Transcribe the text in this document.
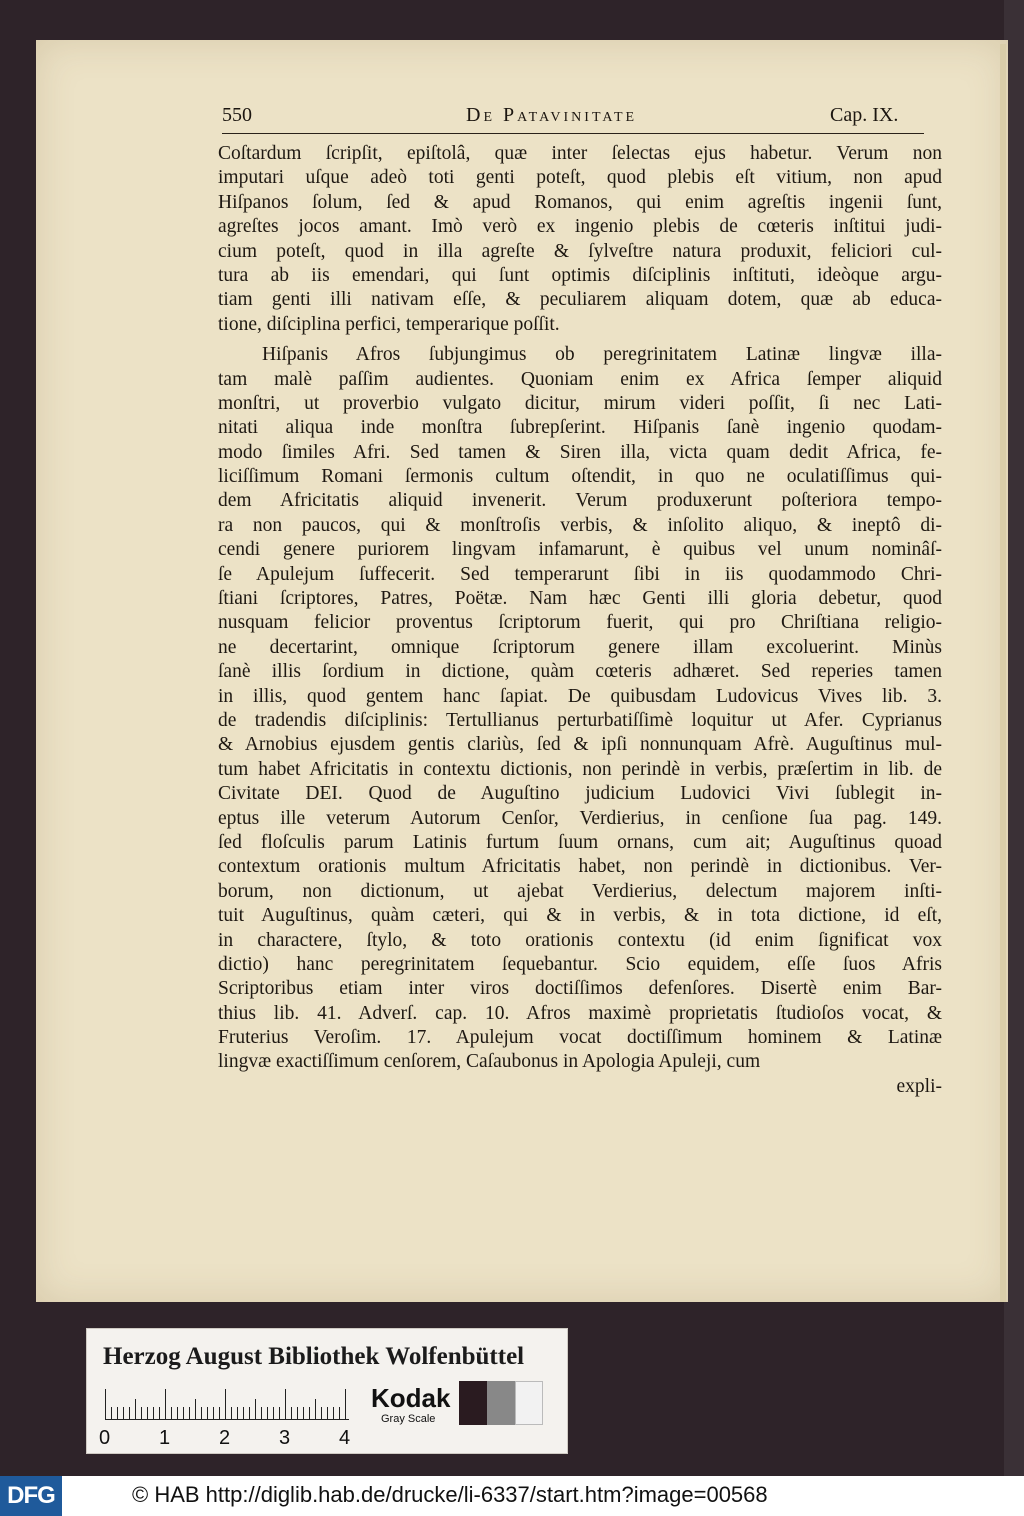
550	De Patavinitate	Cap. IX.
Coſtardum ſcripſit, epiſtolâ, quæ inter ſelectas ejus habetur. Verum non
imputari uſque adeò toti genti poteſt, quod plebis eſt vitium, non apud
Hiſpanos ſolum, ſed & apud Romanos, qui enim agreſtis ingenii ſunt,
agreſtes jocos amant. Imò verò ex ingenio plebis de cœteris inſtitui judi-
cium poteſt, quod in illa agreſte & ſylveſtre natura produxit, feliciori cul-
tura ab iis emendari, qui ſunt optimis diſciplinis inſtituti, ideòque argu-
tiam genti illi nativam eſſe, & peculiarem aliquam dotem, quæ ab educa-
tione, diſciplina perfici, temperarique poſſit.
Hiſpanis Afros ſubjungimus ob peregrinitatem Latinæ lingvæ illa-
tam malè paſſim audientes. Quoniam enim ex Africa ſemper aliquid
monſtri, ut proverbio vulgato dicitur, mirum videri poſſit, ſi nec Lati-
nitati aliqua inde monſtra ſubrepſerint. Hiſpanis ſanè ingenio quodam-
modo ſimiles Afri. Sed tamen & Siren illa, victa quam dedit Africa, fe-
liciſſimum Romani ſermonis cultum oſtendit, in quo ne oculatiſſimus qui-
dem Africitatis aliquid invenerit. Verum produxerunt poſteriora tempo-
ra non paucos, qui & monſtroſis verbis, & inſolito aliquo, & ineptô di-
cendi genere puriorem lingvam infamarunt, è quibus vel unum nominâſ-
ſe Apulejum ſuffecerit. Sed temperarunt ſibi in iis quodammodo Chri-
ſtiani ſcriptores, Patres, Poëtæ. Nam hæc Genti illi gloria debetur, quod
nusquam felicior proventus ſcriptorum fuerit, qui pro Chriſtiana religio-
ne decertarint, omnique ſcriptorum genere illam excoluerint. Minùs
ſanè illis ſordium in dictione, quàm cœteris adhæret. Sed reperies tamen
in illis, quod gentem hanc ſapiat. De quibusdam Ludovicus Vives lib. 3.
de tradendis diſciplinis: Tertullianus perturbatiſſimè loquitur ut Afer. Cyprianus
& Arnobius ejusdem gentis clariùs, ſed & ipſi nonnunquam Afrè. Auguſtinus mul-
tum habet Africitatis in contextu dictionis, non perindè in verbis, præſertim in lib. de
Civitate DEI. Quod de Auguſtino judicium Ludovici Vivi ſublegit in-
eptus ille veterum Autorum Cenſor, Verdierius, in cenſione ſua pag. 149.
ſed floſculis parum Latinis furtum ſuum ornans, cum ait; Auguſtinus quoad
contextum orationis multum Africitatis habet, non perindè in dictionibus. Ver-
borum, non dictionum, ut ajebat Verdierius, delectum majorem inſti-
tuit Auguſtinus, quàm cæteri, qui & in verbis, & in tota dictione, id eſt,
in charactere, ſtylo, & toto orationis contextu (id enim ſignificat vox
dictio) hanc peregrinitatem ſequebantur. Scio equidem, eſſe ſuos Afris
Scriptoribus etiam inter viros doctiſſimos defenſores. Disertè enim Bar-
thius lib. 41. Adverſ. cap. 10. Afros maximè proprietatis ſtudioſos vocat, &
Fruterius Veroſim. 17. Apulejum vocat doctiſſimum hominem & Latinæ
lingvæ exactiſſimum cenſorem, Caſaubonus in Apologia Apuleji, cum
expli-
Herzog August Bibliothek Wolfenbüttel
0 1 2 3 4
Kodak
Gray Scale
DFG	© HAB http://diglib.hab.de/drucke/li-6337/start.htm?image=00568
